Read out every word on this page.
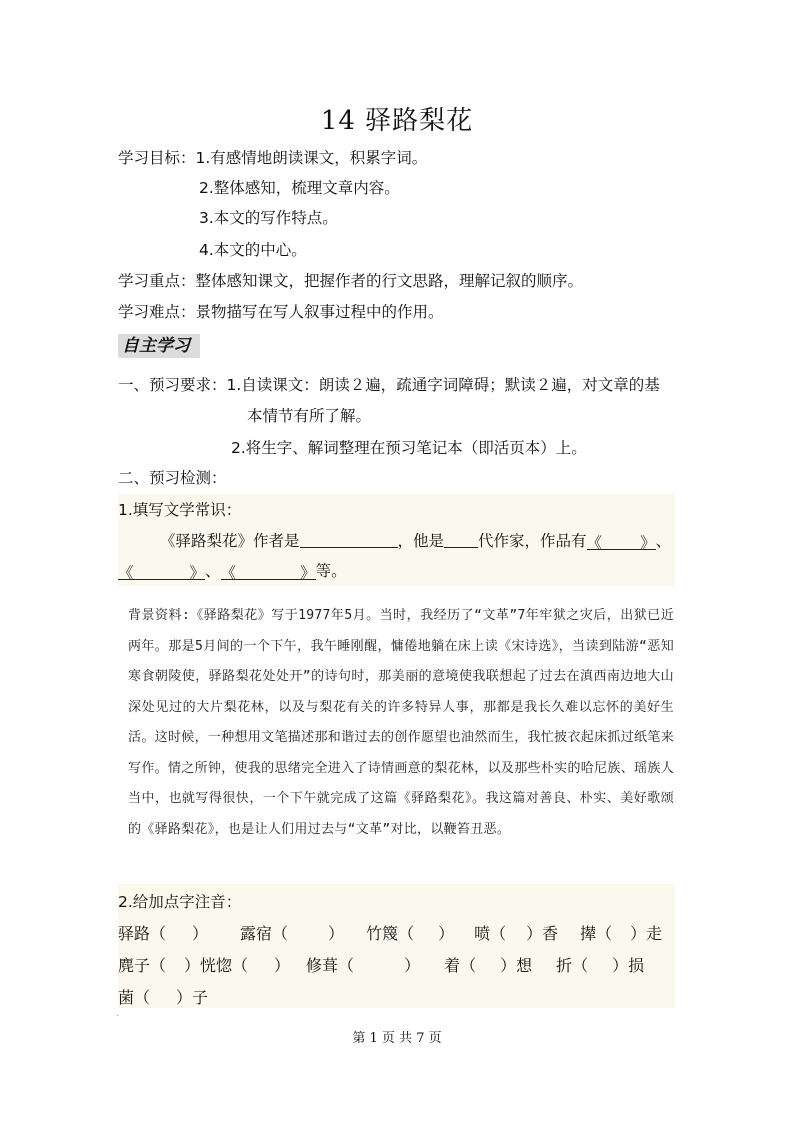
14 驿路梨花
学习目标：1.有感情地朗读课文，积累字词。
2.整体感知，梳理文章内容。
3.本文的写作特点。
4.本文的中心。
学习重点：整体感知课文，把握作者的行文思路，理解记叙的顺序。
学习难点：景物描写在写人叙事过程中的作用。
自主学习
一、预习要求：1.自读课文：朗读２遍，疏通字词障碍；默读２遍，对文章的基
本情节有所了解。
2.将生字、解词整理在预习笔记本（即活页本）上。
二、预习检测：
1.填写文学常识：
《驿路梨花》作者是	，他是 代作家，作品有《 》、
《	》、《	》等。
背景资料:《驿路梨花》写于1977年5月。当时，我经历了“文革”7年牢狱之灾后，出狱已近两年。那是5月间的一个下午，我午睡刚醒，慵倦地躺在床上读《宋诗选》，当读到陆游“恶知寒食朝陵使，驿路梨花处处开”的诗句时，那美丽的意境使我联想起了过去在滇西南边地大山深处见过的大片梨花林，以及与梨花有关的许多特异人事，那都是我长久难以忘怀的美好生活。这时候，一种想用文笔描述那和谐过去的创作愿望也油然而生，我忙披衣起床抓过纸笔来写作。情之所钟，使我的思绪完全进入了诗情画意的梨花林，以及那些朴实的哈尼族、瑶族人当中，也就写得很快，一个下午就完成了这篇《驿路梨花》。我这篇对善良、朴实、美好歌颂的《驿路梨花》，也是让人们用过去与“文革”对比，以鞭笞丑恶。
2.给加点字注音：
驿路（ ） 露宿（	） 竹篾（ ） 喷（ ）香 撵（ ）走
麂子（ ）恍惚（ ） 修葺（	） 着（ ）想 折（ ）损
菌（ ）子
.
第 1 页 共 7 页
